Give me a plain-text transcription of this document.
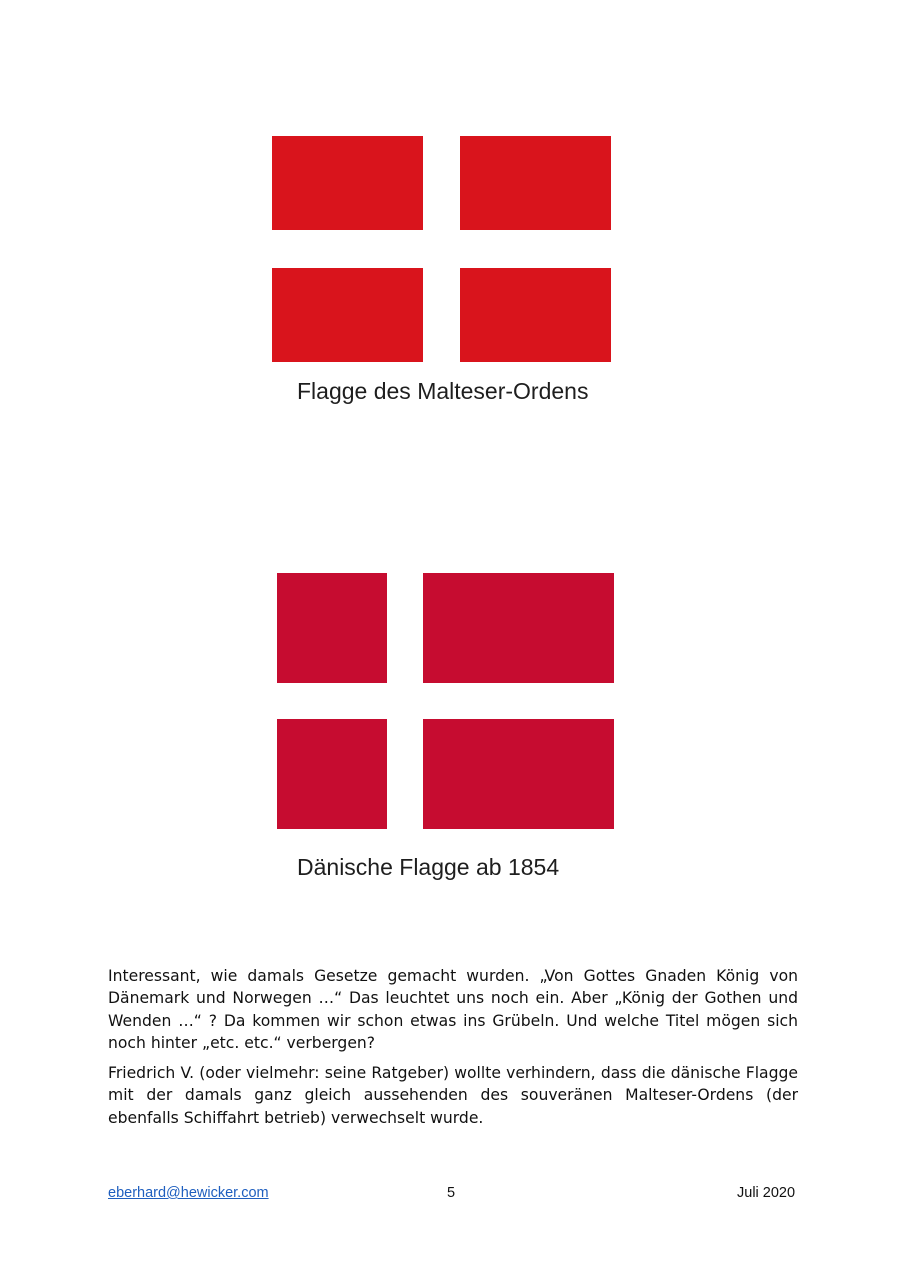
Flagge des Malteser-Ordens
Dänische Flagge ab 1854

Interessant, wie damals Gesetze gemacht wurden. „Von Gottes Gnaden König von Dänemark und Norwegen …“ Das leuchtet uns noch ein. Aber „König der Gothen und Wenden …“ ? Da kommen wir schon etwas ins Grübeln. Und welche Titel mögen sich noch hinter „etc. etc.“ verbergen?

Friedrich V. (oder vielmehr: seine Ratgeber) wollte verhindern, dass die dänische Flagge mit der damals ganz gleich aussehenden des souveränen Malteser-Ordens (der ebenfalls Schiffahrt betrieb) verwechselt wurde.

eberhard@hewicker.com	5	Juli 2020
